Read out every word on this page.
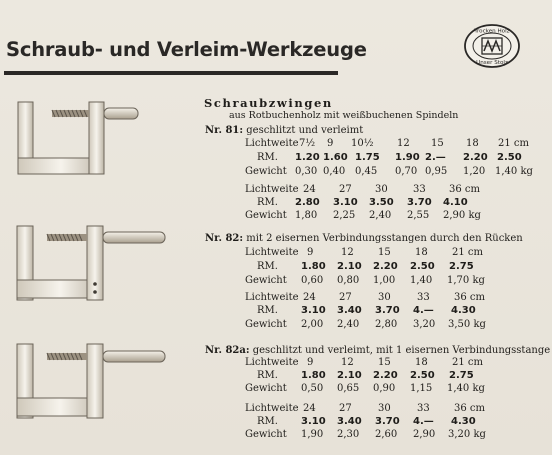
Schraub- und Verleim-Werkzeuge
Trocken Holz
Unser Stolz
Schraubzwingen
aus Rotbuchenholz mit weißbuchenen Spindeln
Nr. 81: geschlitzt und verleimt
Lichtweite 7½ 9 10½ 12 15 18 21 cm
RM. 1.20 1.60 1.75 1.90 2.— 2.20 2.50
Gewicht 0,30 0,40 0,45 0,70 0,95 1,20 1,40 kg
Lichtweite 24 27 30	33 36 cm
RM. 2.80 3.10 3.50 3.70 4.10
Gewicht 1,80 2,25 2,40 2,55 2,90 kg
Nr. 82: mit 2 eisernen Verbindungsstangen durch den Rücken
Lichtweite 9	12 15 18 21 cm
RM. 1.80 2.10 2.20 2.50 2.75
Gewicht 0,60 0,80 1,00 1,40 1,70 kg
Lichtweite 24 27	30	33 36 cm
RM. 3.10 3.40 3.70 4.— 4.30
Gewicht 2,00 2,40 2,80 3,20 3,50 kg
Nr. 82a: geschlitzt und verleimt, mit 1 eisernen Verbindungsstange
Lichtweite 9	12 15 18 21 cm
RM. 1.80 2.10 2.20 2.50 2.75
Gewicht 0,50 0,65 0,90 1,15 1,40 kg
Lichtweite 24 27	30	33 36 cm
RM. 3.10 3.40 3.70 4.— 4.30
Gewicht 1,90 2,30 2,60 2,90 3,20 kg
